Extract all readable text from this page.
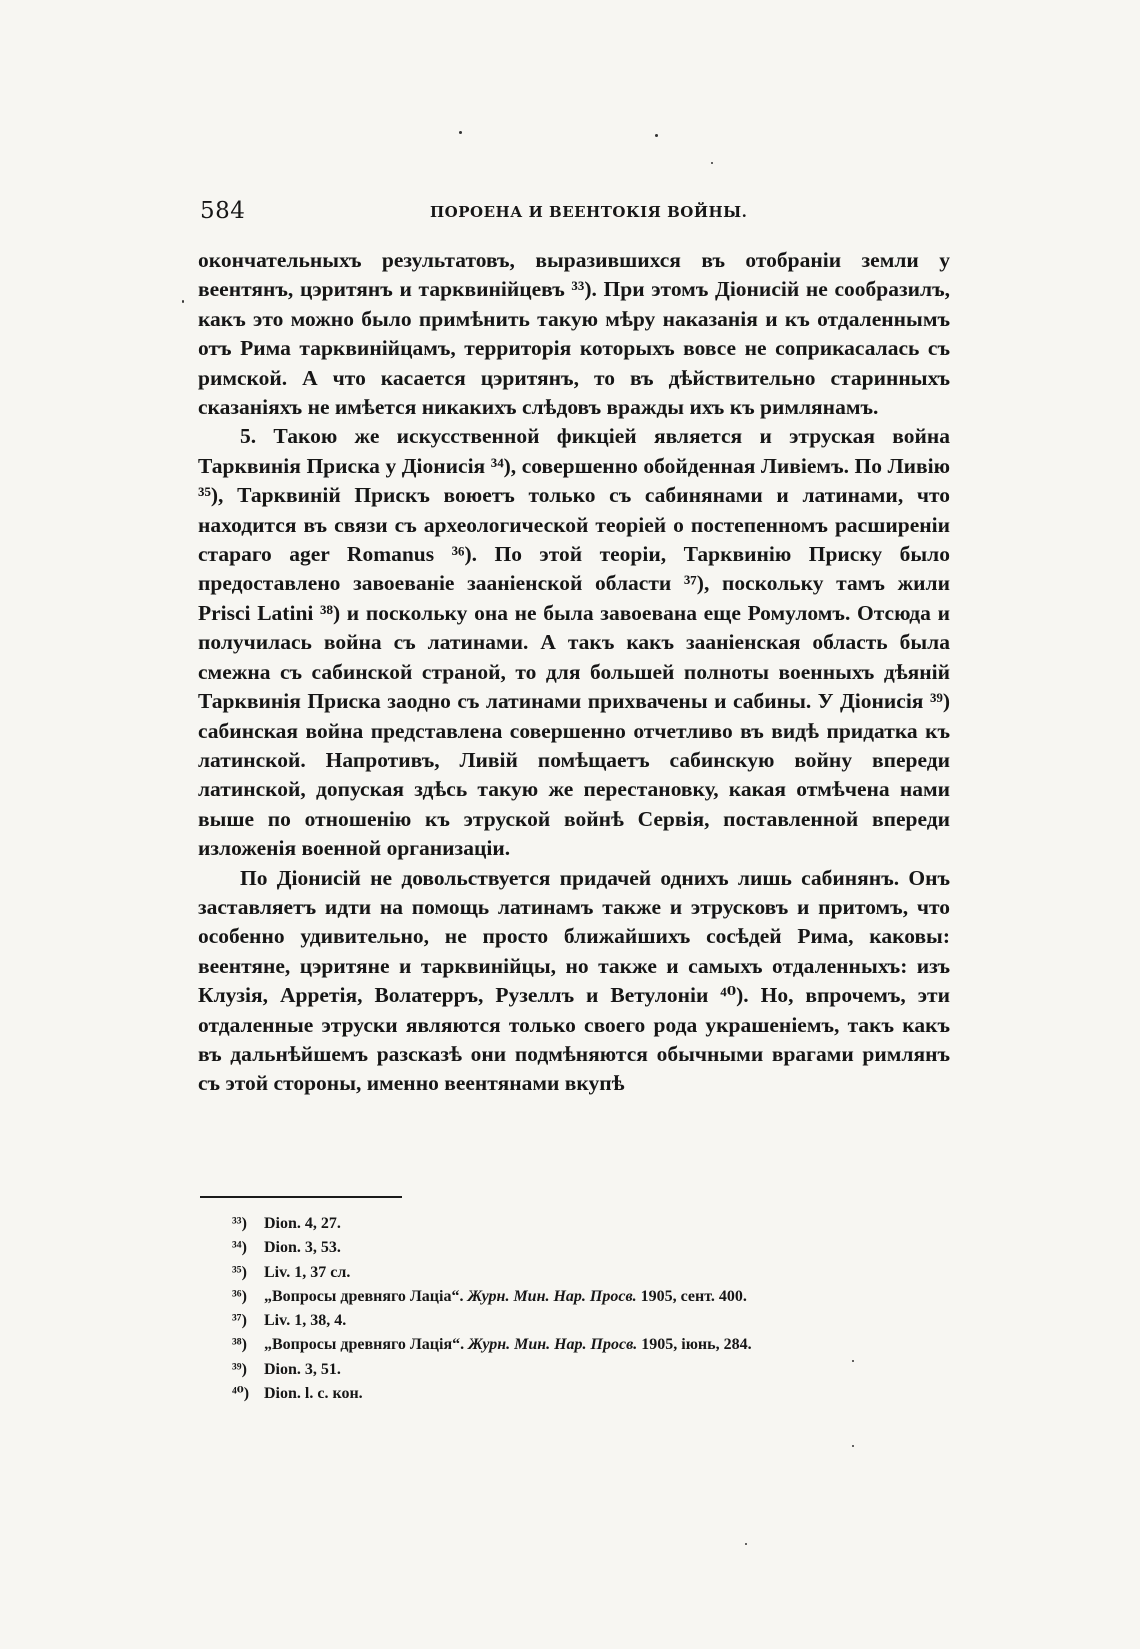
584	ПОРОЕНА И ВЕЕНТОКІЯ ВОЙНЫ.

окончательныхъ результатовъ, выразившихся въ отобраніи земли у веентянъ, цэритянъ и тарквинійцевъ ³³). При этомъ Діонисій не сообразилъ, какъ это можно было примѣнить такую мѣру наказанія и къ отдаленнымъ отъ Рима тарквинійцамъ, территорія которыхъ вовсе не соприкасалась съ римской. А что касается цэритянъ, то въ дѣйствительно старинныхъ сказаніяхъ не имѣется никакихъ слѣдовъ вражды ихъ къ римлянамъ.

5. Такою же искусственной фикціей является и этруская война Тарквинія Приска у Діонисія ³⁴), совершенно обойденная Ливіемъ. По Ливію ³⁵), Тарквиній Прискъ воюетъ только съ сабинянами и латинами, что находится въ связи съ археологической теоріей о постепенномъ расширеніи стараго ager Romanus ³⁶). По этой теоріи, Тарквинію Приску было предоставлено завоеваніе зааніенской области ³⁷), поскольку тамъ жили Prisci Latini ³⁸) и поскольку она не была завоевана еще Ромуломъ. Отсюда и получилась война съ латинами. А такъ какъ зааніенская область была смежна съ сабинской страной, то для большей полноты военныхъ дѣяній Тарквинія Приска заодно съ латинами прихвачены и сабины. У Діонисія ³⁹) сабинская война представлена совершенно отчетливо въ видѣ придатка къ латинской. Напротивъ, Ливій помѣщаетъ сабинскую войну впереди латинской, допуская здѣсь такую же перестановку, какая отмѣчена нами выше по отношенію къ этруской войнѣ Сервія, поставленной впереди изложенія военной организаціи.

По Діонисій не довольствуется придачей однихъ лишь сабинянъ. Онъ заставляетъ идти на помощь латинамъ также и этрусковъ и притомъ, что особенно удивительно, не просто ближайшихъ сосѣдей Рима, каковы: веентяне, цэритяне и тарквинійцы, но также и самыхъ отдаленныхъ: изъ Клузія, Арретія, Волатерръ, Рузеллъ и Ветулоніи ⁴⁰). Но, впрочемъ, эти отдаленные этруски являются только своего рода украшеніемъ, такъ какъ въ дальнѣйшемъ разсказѣ они подмѣняются обычными врагами римлянъ съ этой стороны, именно веентянами вкупѣ

³³) Dion. 4, 27.
³⁴) Dion. 3, 53.
³⁵) Liv. 1, 37 сл.
³⁶) „Вопросы древняго Лаціа“. Журн. Мин. Нар. Просв. 1905, сент. 400.
³⁷) Liv. 1, 38, 4.
³⁸) „Вопросы древняго Лація“. Журн. Мин. Нар. Просв. 1905, іюнь, 284.
³⁹) Dion. 3, 51.
⁴⁰) Dion. l. c. кон.
